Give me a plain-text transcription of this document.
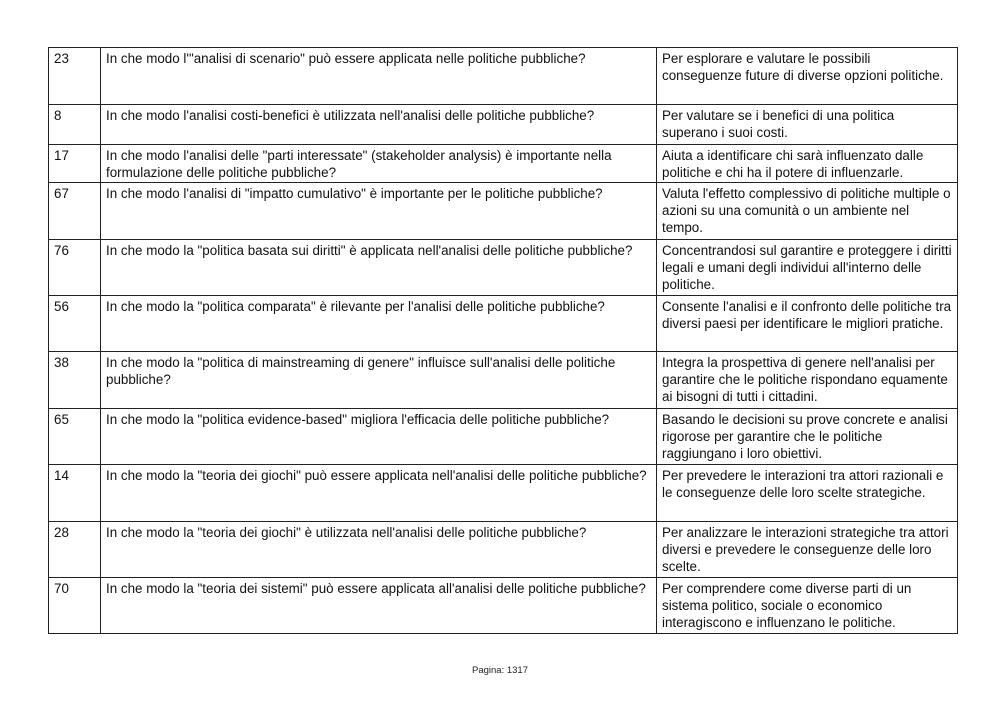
23	In che modo l'"analisi di scenario" può essere applicata nelle politiche pubbliche?	Per esplorare e valutare le possibili conseguenze future di diverse opzioni politiche.
8	In che modo l'analisi costi-benefici è utilizzata nell'analisi delle politiche pubbliche?	Per valutare se i benefici di una politica superano i suoi costi.
17	In che modo l'analisi delle "parti interessate" (stakeholder analysis) è importante nella formulazione delle politiche pubbliche?	Aiuta a identificare chi sarà influenzato dalle politiche e chi ha il potere di influenzarle.
67	In che modo l'analisi di "impatto cumulativo" è importante per le politiche pubbliche?	Valuta l'effetto complessivo di politiche multiple o azioni su una comunità o un ambiente nel tempo.
76	In che modo la "politica basata sui diritti" è applicata nell'analisi delle politiche pubbliche?	Concentrandosi sul garantire e proteggere i diritti legali e umani degli individui all'interno delle politiche.
56	In che modo la "politica comparata" è rilevante per l'analisi delle politiche pubbliche?	Consente l'analisi e il confronto delle politiche tra diversi paesi per identificare le migliori pratiche.
38	In che modo la "politica di mainstreaming di genere" influisce sull'analisi delle politiche pubbliche?	Integra la prospettiva di genere nell'analisi per garantire che le politiche rispondano equamente ai bisogni di tutti i cittadini.
65	In che modo la "politica evidence-based" migliora l'efficacia delle politiche pubbliche?	Basando le decisioni su prove concrete e analisi rigorose per garantire che le politiche raggiungano i loro obiettivi.
14	In che modo la "teoria dei giochi" può essere applicata nell'analisi delle politiche pubbliche?	Per prevedere le interazioni tra attori razionali e le conseguenze delle loro scelte strategiche.
28	In che modo la "teoria dei giochi" è utilizzata nell'analisi delle politiche pubbliche?	Per analizzare le interazioni strategiche tra attori diversi e prevedere le conseguenze delle loro scelte.
70	In che modo la "teoria dei sistemi" può essere applicata all'analisi delle politiche pubbliche?	Per comprendere come diverse parti di un sistema politico, sociale o economico interagiscono e influenzano le politiche.
Pagina: 1317
